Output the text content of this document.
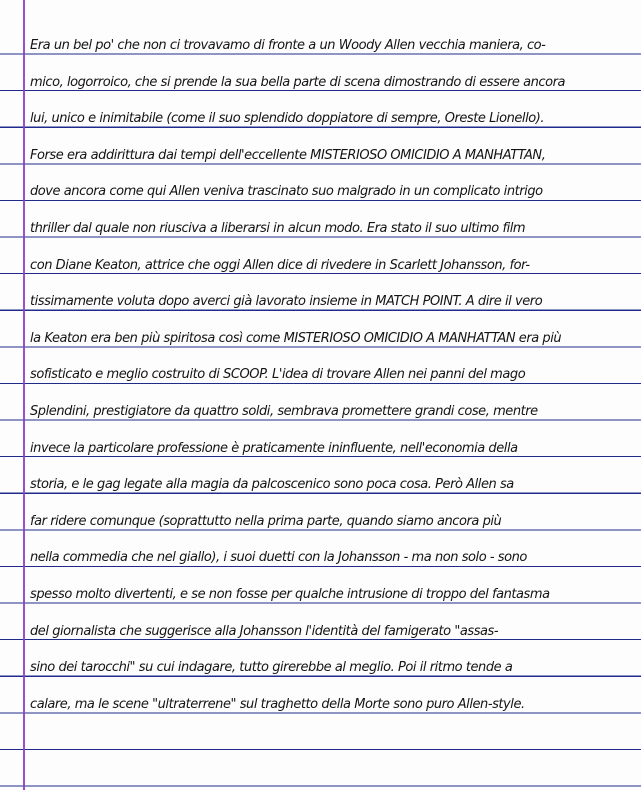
Era un bel po' che non ci trovavamo di fronte a un Woody Allen vecchia maniera, co-
mico, logorroico, che si prende la sua bella parte di scena dimostrando di essere ancora
lui, unico e inimitabile (come il suo splendido doppiatore di sempre, Oreste Lionello).
Forse era addirittura dai tempi dell'eccellente MISTERIOSO OMICIDIO A MANHATTAN,
dove ancora come qui Allen veniva trascinato suo malgrado in un complicato intrigo
thriller dal quale non riusciva a liberarsi in alcun modo. Era stato il suo ultimo film
con Diane Keaton, attrice che oggi Allen dice di rivedere in Scarlett Johansson, for-
tissimamente voluta dopo averci già lavorato insieme in MATCH POINT. A dire il vero
la Keaton era ben più spiritosa così come MISTERIOSO OMICIDIO A MANHATTAN era più
sofisticato e meglio costruito di SCOOP. L'idea di trovare Allen nei panni del mago
Splendini, prestigiatore da quattro soldi, sembrava promettere grandi cose, mentre
invece la particolare professione è praticamente ininfluente, nell'economia della
storia, e le gag legate alla magia da palcoscenico sono poca cosa. Però Allen sa
far ridere comunque (soprattutto nella prima parte, quando siamo ancora più
nella commedia che nel giallo), i suoi duetti con la Johansson - ma non solo - sono
spesso molto divertenti, e se non fosse per qualche intrusione di troppo del fantasma
del giornalista che suggerisce alla Johansson l'identità del famigerato "assas-
sino dei tarocchi" su cui indagare, tutto girerebbe al meglio. Poi il ritmo tende a
calare, ma le scene "ultraterrene" sul traghetto della Morte sono puro Allen-style.
